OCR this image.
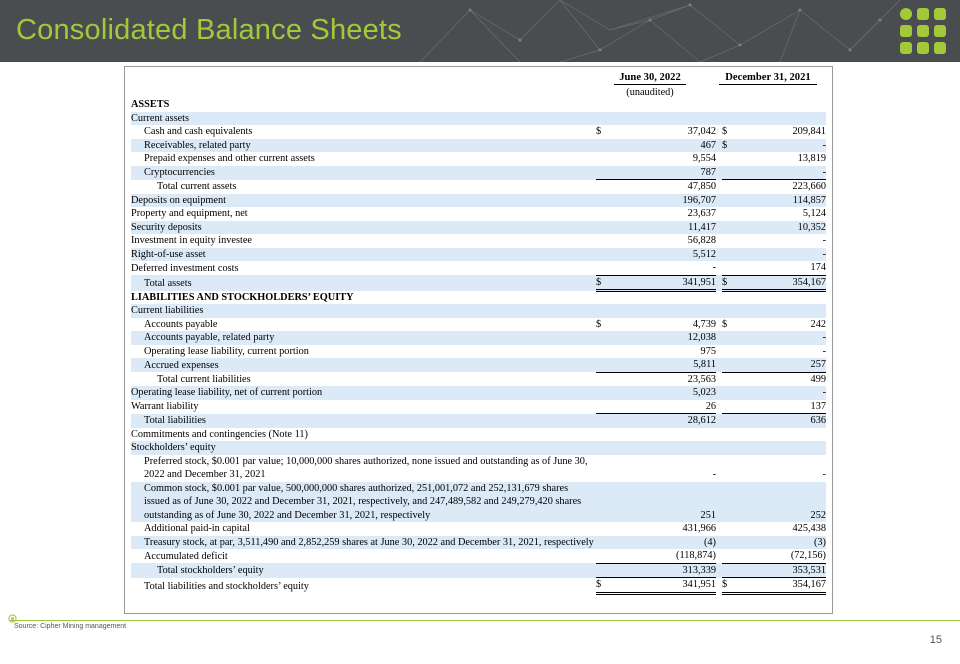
Consolidated Balance Sheets
June 30, 2022	December 31, 2021
(unaudited)
ASSETS					
Current assets					
Cash and cash equivalents	$	37,042		$	209,841
Receivables, related party		467		$	-
Prepaid expenses and other current assets		9,554			13,819
Cryptocurrencies		787			-
Total current assets		47,850			223,660
Deposits on equipment		196,707			114,857
Property and equipment, net		23,637			5,124
Security deposits		11,417			10,352
Investment in equity investee		56,828			-
Right-of-use asset		5,512			-
Deferred investment costs		-			174
Total assets	$	341,951		$	354,167
LIABILITIES AND STOCKHOLDERS’ EQUITY					
Current liabilities					
Accounts payable	$	4,739		$	242
Accounts payable, related party		12,038			-
Operating lease liability, current portion		975			-
Accrued expenses		5,811			257
Total current liabilities		23,563			499
Operating lease liability, net of current portion		5,023			-
Warrant liability		26			137
Total liabilities		28,612			636
Commitments and contingencies (Note 11)					
Stockholders’ equity					
Preferred stock, $0.001 par value; 10,000,000 shares authorized, none issued and outstanding as of June 30, 2022 and December 31, 2021		-			-
Common stock, $0.001 par value, 500,000,000 shares authorized, 251,001,072 and 252,131,679 shares issued as of June 30, 2022 and December 31, 2021, respectively, and 247,489,582 and 249,279,420 shares outstanding as of June 30, 2022 and December 31, 2021, respectively		251			252
Additional paid-in capital		431,966			425,438
Treasury stock, at par, 3,511,490 and 2,852,259 shares at June 30, 2022 and December 31, 2021, respectively		(4)			(3)
Accumulated deficit		(118,874)			(72,156)
Total stockholders’ equity		313,339			353,531
Total liabilities and stockholders’ equity	$	341,951		$	354,167
Source: Cipher Mining management
15
